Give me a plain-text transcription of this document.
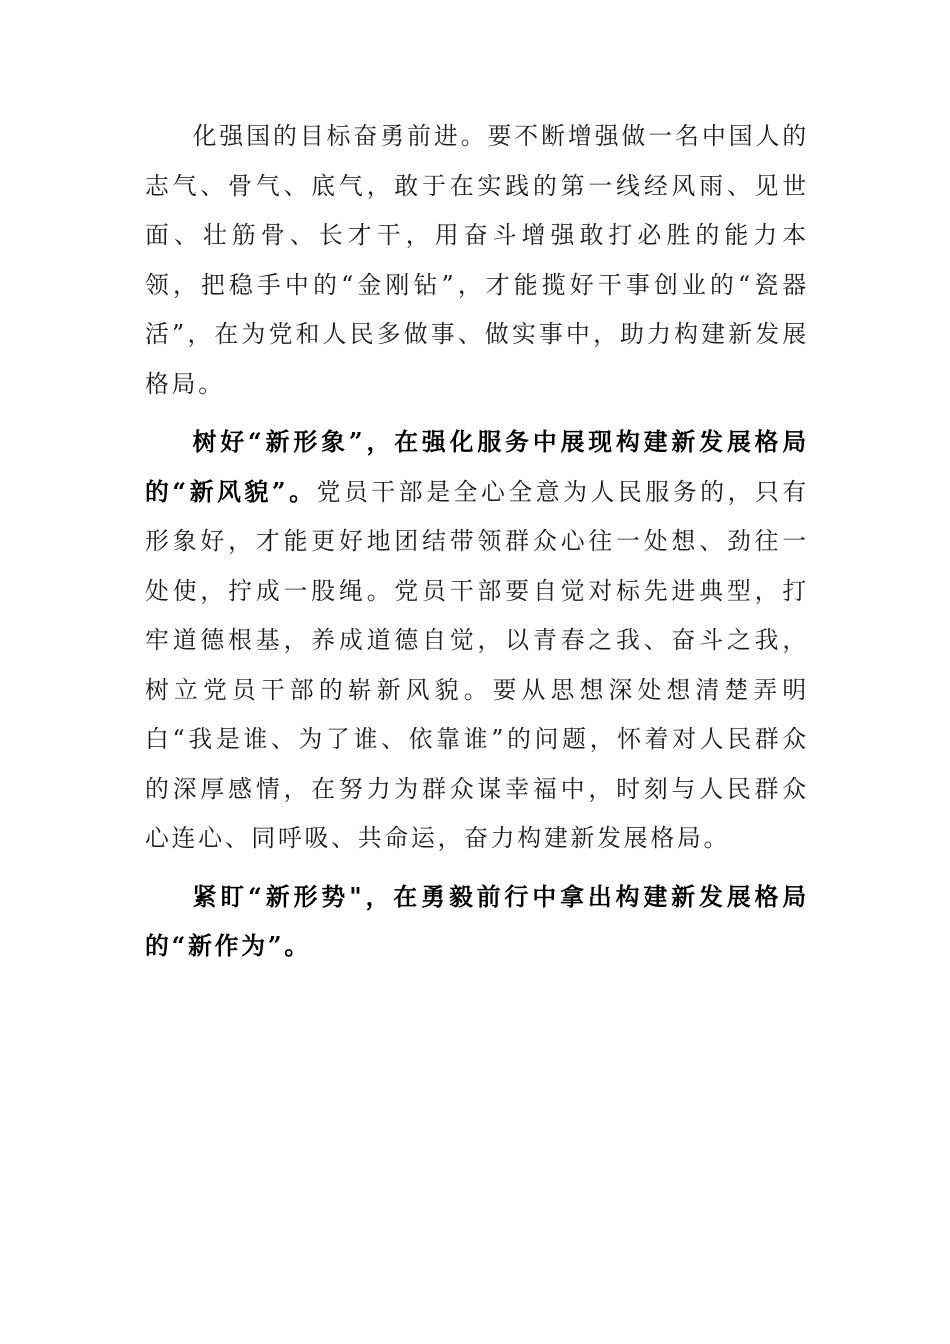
化强国的目标奋勇前进。要不断增强做一名中国人的志气、骨气、底气，敢于在实践的第一线经风雨、见世面、壮筋骨、长才干，用奋斗增强敢打必胜的能力本领，把稳手中的“金刚钻”，才能揽好干事创业的“瓷器活”，在为党和人民多做事、做实事中，助力构建新发展格局。

树好“新形象”，在强化服务中展现构建新发展格局的“新风貌”。党员干部是全心全意为人民服务的，只有形象好，才能更好地团结带领群众心往一处想、劲往一处使，拧成一股绳。党员干部要自觉对标先进典型，打牢道德根基，养成道德自觉，以青春之我、奋斗之我，树立党员干部的崭新风貌。要从思想深处想清楚弄明白“我是谁、为了谁、依靠谁”的问题，怀着对人民群众的深厚感情，在努力为群众谋幸福中，时刻与人民群众心连心、同呼吸、共命运，奋力构建新发展格局。

紧盯“新形势"，在勇毅前行中拿出构建新发展格局的“新作为”。
